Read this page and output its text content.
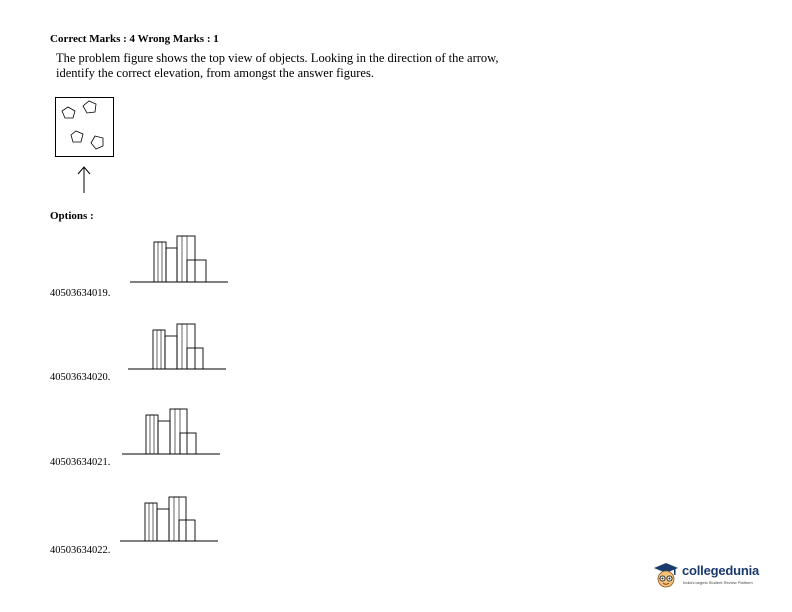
Correct Marks : 4 Wrong Marks : 1
The problem figure shows the top view of objects. Looking in the direction of the arrow,
identify the correct elevation, from amongst the answer figures.
Options :
40503634019.
40503634020.
40503634021.
40503634022.
collegedunia
India's largest Student Review Platform
